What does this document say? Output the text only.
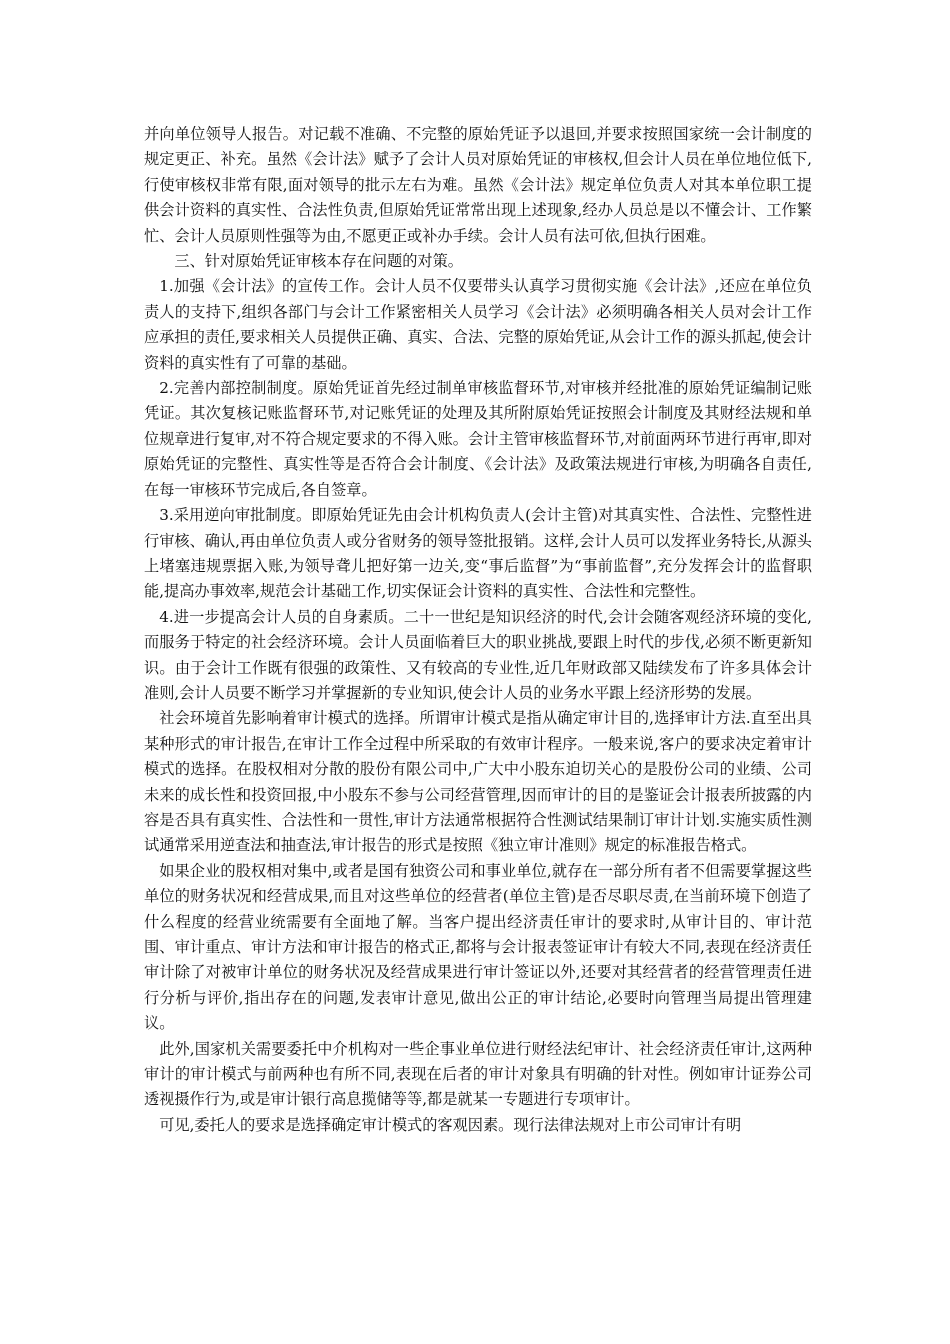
并向单位领导人报告。对记载不准确、不完整的原始凭证予以退回,并要求按照国家统一会计制度的规定更正、补充。虽然《会计法》赋予了会计人员对原始凭证的审核权,但会计人员在单位地位低下,行使审核权非常有限,面对领导的批示左右为难。虽然《会计法》规定单位负责人对其本单位职工提供会计资料的真实性、合法性负责,但原始凭证常常出现上述现象,经办人员总是以不懂会计、工作繁忙、会计人员原则性强等为由,不愿更正或补办手续。会计人员有法可依,但执行困难。

三、针对原始凭证审核本存在问题的对策。

1.加强《会计法》的宣传工作。会计人员不仅要带头认真学习贯彻实施《会计法》,还应在单位负责人的支持下,组织各部门与会计工作紧密相关人员学习《会计法》必须明确各相关人员对会计工作应承担的责任,要求相关人员提供正确、真实、合法、完整的原始凭证,从会计工作的源头抓起,使会计资料的真实性有了可靠的基础。

2.完善内部控制制度。原始凭证首先经过制单审核监督环节,对审核并经批准的原始凭证编制记账凭证。其次复核记账监督环节,对记账凭证的处理及其所附原始凭证按照会计制度及其财经法规和单位规章进行复审,对不符合规定要求的不得入账。会计主管审核监督环节,对前面两环节进行再审,即对原始凭证的完整性、真实性等是否符合会计制度、《会计法》及政策法规进行审核,为明确各自责任,在每一审核环节完成后,各自签章。

3.采用逆向审批制度。即原始凭证先由会计机构负责人(会计主管)对其真实性、合法性、完整性进行审核、确认,再由单位负责人或分省财务的领导签批报销。这样,会计人员可以发挥业务特长,从源头上堵塞违规票据入账,为领导聋儿把好第一边关,变“事后监督”为“事前监督”,充分发挥会计的监督职能,提高办事效率,规范会计基础工作,切实保证会计资料的真实性、合法性和完整性。

4.进一步提高会计人员的自身素质。二十一世纪是知识经济的时代,会计会随客观经济环境的变化,而服务于特定的社会经济环境。会计人员面临着巨大的职业挑战,要跟上时代的步伐,必须不断更新知识。由于会计工作既有很强的政策性、又有较高的专业性,近几年财政部又陆续发布了许多具体会计准则,会计人员要不断学习并掌握新的专业知识,使会计人员的业务水平跟上经济形势的发展。

社会环境首先影响着审计模式的选择。所谓审计模式是指从确定审计目的,选择审计方法.直至出具某种形式的审计报告,在审计工作全过程中所采取的有效审计程序。一般来说,客户的要求决定着审计模式的选择。在股权相对分散的股份有限公司中,广大中小股东迫切关心的是股份公司的业绩、公司未来的成长性和投资回报,中小股东不参与公司经营管理,因而审计的目的是鉴证会计报表所披露的内容是否具有真实性、合法性和一贯性,审计方法通常根据符合性测试结果制订审计计划.实施实质性测试通常采用逆查法和抽查法,审计报告的形式是按照《独立审计准则》规定的标准报告格式。

如果企业的股权相对集中,或者是国有独资公司和事业单位,就存在一部分所有者不但需要掌握这些单位的财务状况和经营成果,而且对这些单位的经营者(单位主管)是否尽职尽责,在当前环境下创造了什么程度的经营业统需要有全面地了解。当客户提出经济责任审计的要求时,从审计目的、审计范围、审计重点、审计方法和审计报告的格式正,都将与会计报表签证审计有较大不同,表现在经济责任审计除了对被审计单位的财务状况及经营成果进行审计签证以外,还要对其经营者的经营管理责任进行分析与评价,指出存在的问题,发表审计意见,做出公正的审计结论,必要时向管理当局提出管理建议。

此外,国家机关需要委托中介机构对一些企事业单位进行财经法纪审计、社会经济责任审计,这两种审计的审计模式与前两种也有所不同,表现在后者的审计对象具有明确的针对性。例如审计证券公司透视摄作行为,或是审计银行高息揽储等等,都是就某一专题进行专项审计。

可见,委托人的要求是选择确定审计模式的客观因素。现行法律法规对上市公司审计有明
